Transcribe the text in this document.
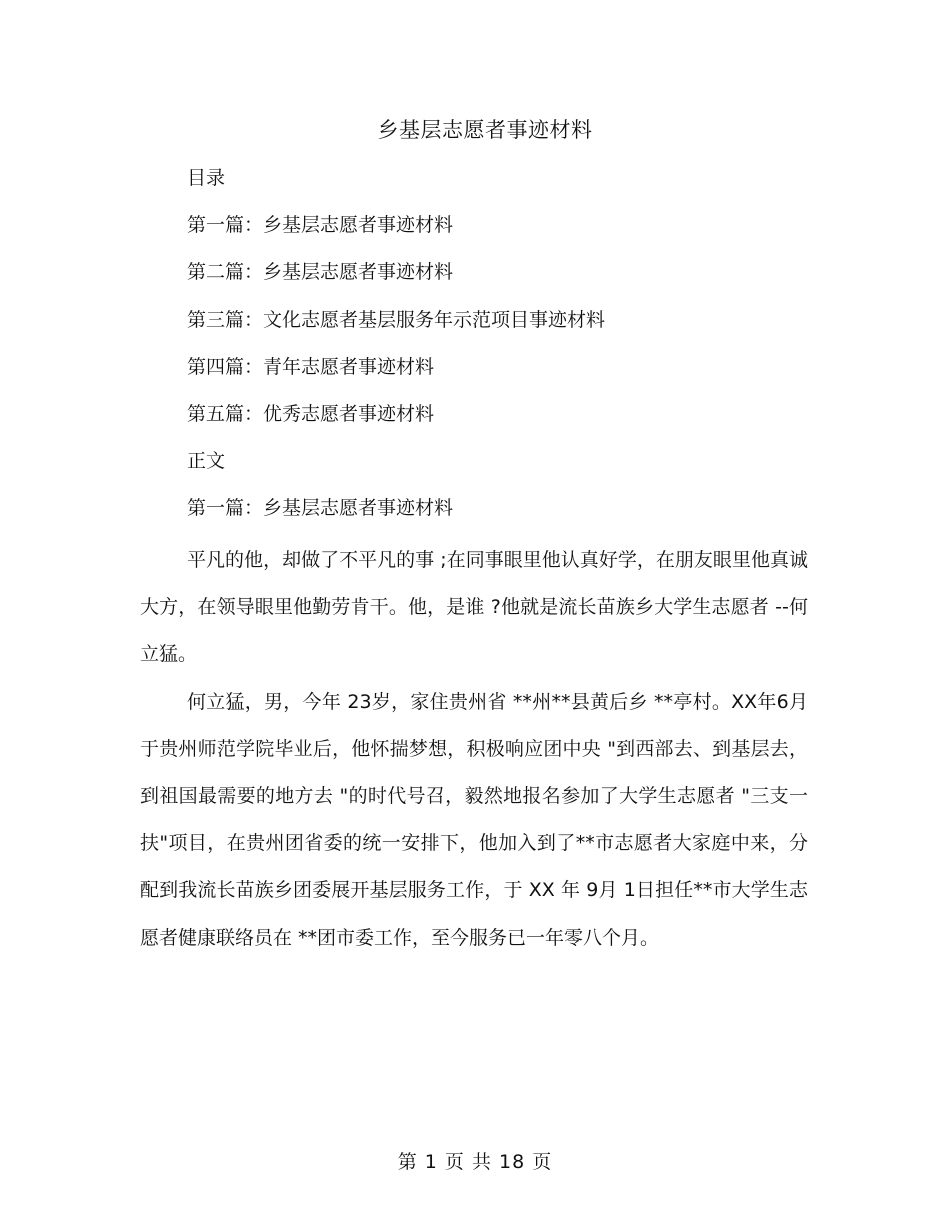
乡基层志愿者事迹材料
目录
第一篇：乡基层志愿者事迹材料
第二篇：乡基层志愿者事迹材料
第三篇：文化志愿者基层服务年示范项目事迹材料
第四篇：青年志愿者事迹材料
第五篇：优秀志愿者事迹材料
正文
第一篇：乡基层志愿者事迹材料

平凡的他，却做了不平凡的事 ;在同事眼里他认真好学，在朋友眼里他真诚大方，在领导眼里他勤劳肯干。他，是谁 ?他就是流长苗族乡大学生志愿者 --何立猛。

何立猛，男，今年 23岁，家住贵州省 **州**县黄后乡 **亭村。XX年6月于贵州师范学院毕业后，他怀揣梦想，积极响应团中央 "到西部去、到基层去，到祖国最需要的地方去 "的时代号召，毅然地报名参加了大学生志愿者 "三支一扶"项目，在贵州团省委的统一安排下，他加入到了**市志愿者大家庭中来，分配到我流长苗族乡团委展开基层服务工作，于 XX 年 9月 1日担任**市大学生志愿者健康联络员在 **团市委工作，至今服务已一年零八个月。

第 1 页 共 18 页
